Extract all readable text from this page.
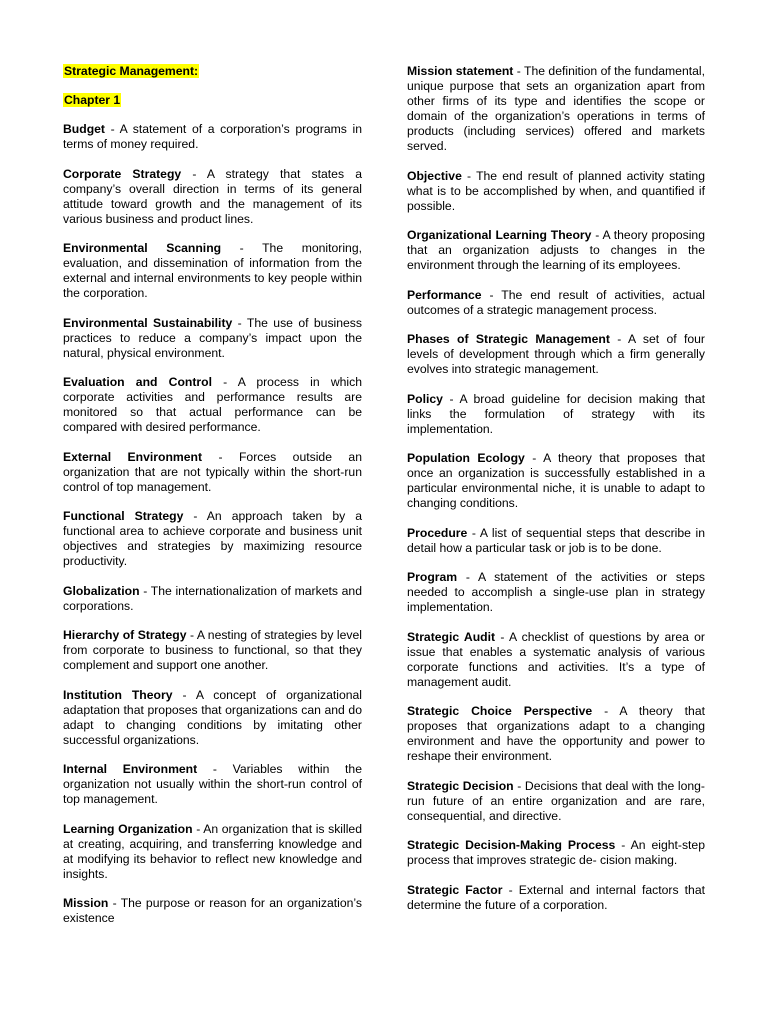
Strategic Management:
Chapter 1
Budget - A statement of a corporation’s programs in terms of money required.
Corporate Strategy - A strategy that states a company’s overall direction in terms of its general attitude toward growth and the management of its various business and product lines.
Environmental Scanning - The monitoring, evaluation, and dissemination of information from the external and internal environments to key people within the corporation.
Environmental Sustainability - The use of business practices to reduce a company’s impact upon the natural, physical environment.
Evaluation and Control - A process in which corporate activities and performance results are monitored so that actual performance can be compared with desired performance.
External Environment - Forces outside an organization that are not typically within the short-run control of top management.
Functional Strategy - An approach taken by a functional area to achieve corporate and business unit objectives and strategies by maximizing resource productivity.
Globalization - The internationalization of markets and corporations.
Hierarchy of Strategy - A nesting of strategies by level from corporate to business to functional, so that they complement and support one another.
Institution Theory - A concept of organizational adaptation that proposes that organizations can and do adapt to changing conditions by imitating other successful organizations.
Internal Environment - Variables within the organization not usually within the short-run control of top management.
Learning Organization - An organization that is skilled at creating, acquiring, and transferring knowledge and at modifying its behavior to reflect new knowledge and insights.
Mission - The purpose or reason for an organization’s existence
Mission statement - The definition of the fundamental, unique purpose that sets an organization apart from other firms of its type and identifies the scope or domain of the organization’s operations in terms of products (including services) offered and markets served.
Objective - The end result of planned activity stating what is to be accomplished by when, and quantified if possible.
Organizational Learning Theory - A theory proposing that an organization adjusts to changes in the environment through the learning of its employees.
Performance - The end result of activities, actual outcomes of a strategic management process.
Phases of Strategic Management - A set of four levels of development through which a firm generally evolves into strategic management.
Policy - A broad guideline for decision making that links the formulation of strategy with its implementation.
Population Ecology - A theory that proposes that once an organization is successfully established in a particular environmental niche, it is unable to adapt to changing conditions.
Procedure - A list of sequential steps that describe in detail how a particular task or job is to be done.
Program - A statement of the activities or steps needed to accomplish a single-use plan in strategy implementation.
Strategic Audit - A checklist of questions by area or issue that enables a systematic analysis of various corporate functions and activities. It’s a type of management audit.
Strategic Choice Perspective - A theory that proposes that organizations adapt to a changing environment and have the opportunity and power to reshape their environment.
Strategic Decision - Decisions that deal with the long-run future of an entire organization and are rare, consequential, and directive.
Strategic Decision-Making Process - An eight-step process that improves strategic de- cision making.
Strategic Factor - External and internal factors that determine the future of a corporation.
